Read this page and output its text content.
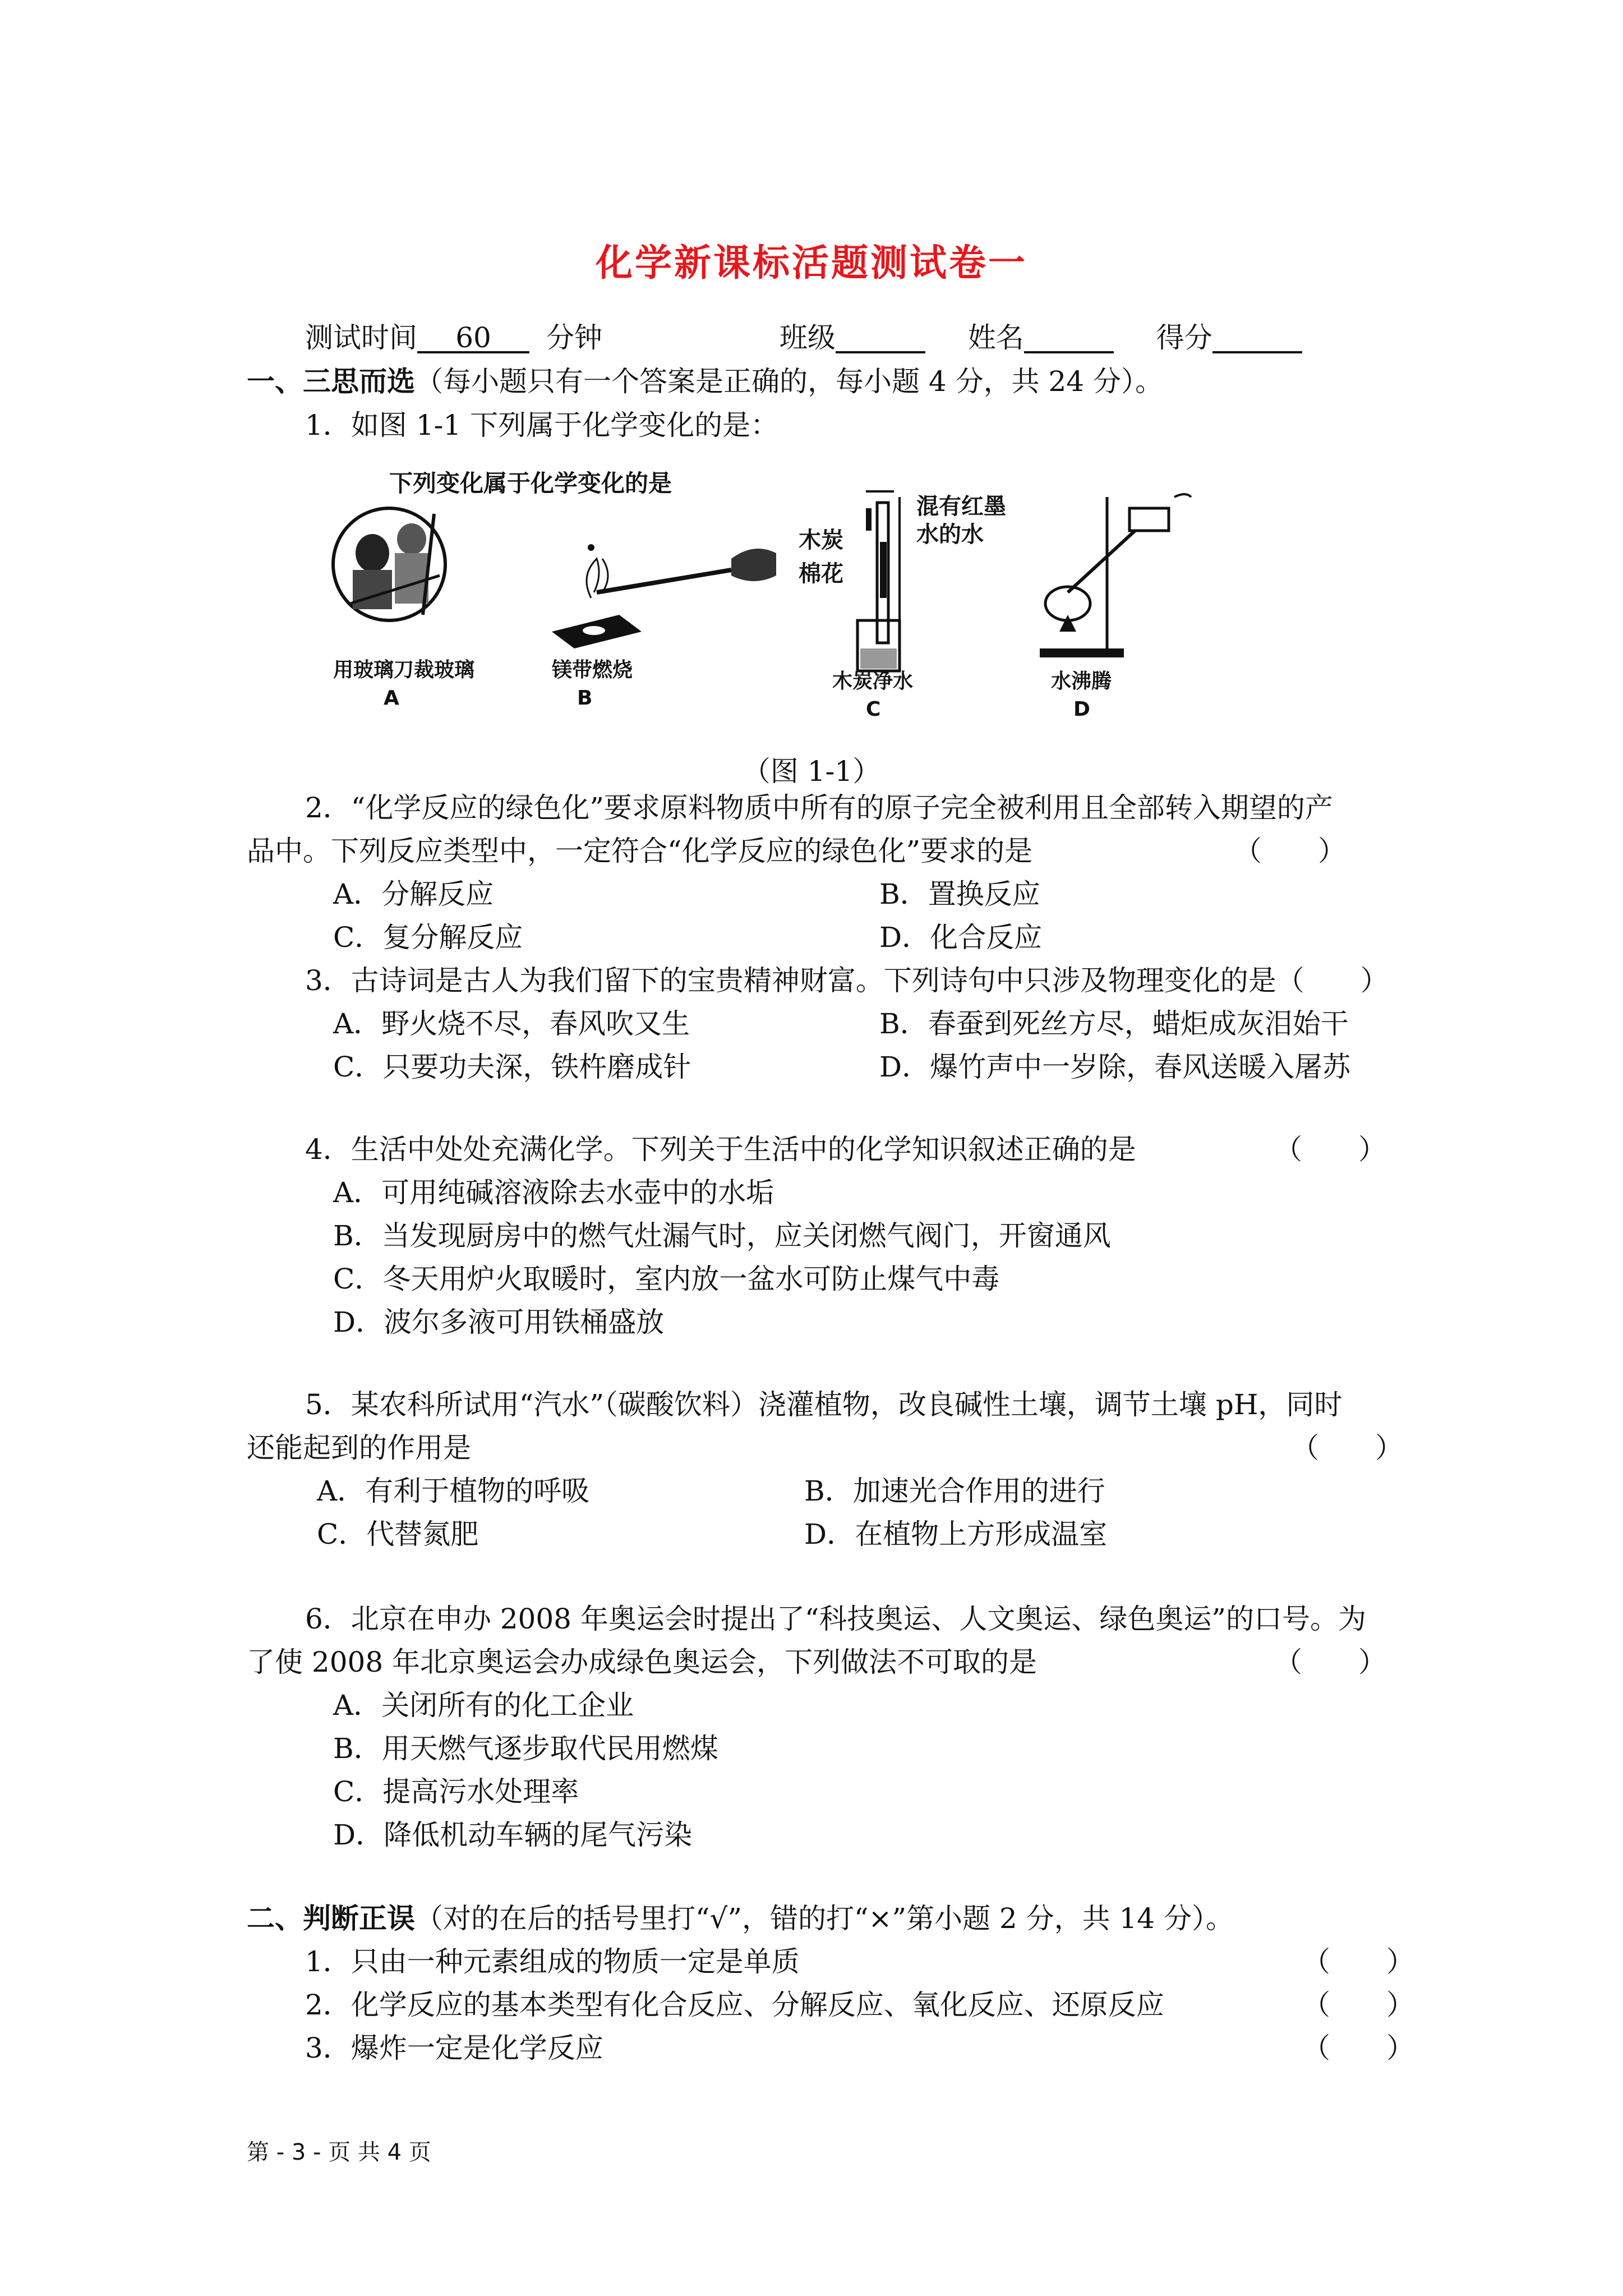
化学新课标活题测试卷一
测试时间 60 分钟	班级	姓名	得分
一、三思而选（每小题只有一个答案是正确的，每小题 4 分，共 24 分）。
1．如图 1-1 下列属于化学变化的是：
下列变化属于化学变化的是
木炭
棉花
混有红墨
水的水
用玻璃刀裁玻璃
A
镁带燃烧
B
木炭净水
C
水沸腾
D
（图 1-1）
2．“化学反应的绿色化”要求原料物质中所有的原子完全被利用且全部转入期望的产
品中。下列反应类型中，一定符合“化学反应的绿色化”要求的是	（　　）
A．分解反应	B．置换反应
C．复分解反应	D．化合反应
3．古诗词是古人为我们留下的宝贵精神财富。下列诗句中只涉及物理变化的是（　　）
A．野火烧不尽，春风吹又生	B．春蚕到死丝方尽，蜡炬成灰泪始干
C．只要功夫深，铁杵磨成针	D．爆竹声中一岁除，春风送暖入屠苏
4．生活中处处充满化学。下列关于生活中的化学知识叙述正确的是	（　　）
A．可用纯碱溶液除去水壶中的水垢
B．当发现厨房中的燃气灶漏气时，应关闭燃气阀门，开窗通风
C．冬天用炉火取暖时，室内放一盆水可防止煤气中毒
D．波尔多液可用铁桶盛放
5．某农科所试用“汽水”（碳酸饮料）浇灌植物，改良碱性土壤，调节土壤 pH，同时
还能起到的作用是	（　　）
A．有利于植物的呼吸	B．加速光合作用的进行
C．代替氮肥	D．在植物上方形成温室
6．北京在申办 2008 年奥运会时提出了“科技奥运、人文奥运、绿色奥运”的口号。为
了使 2008 年北京奥运会办成绿色奥运会，下列做法不可取的是	（　　）
A．关闭所有的化工企业
B．用天燃气逐步取代民用燃煤
C．提高污水处理率
D．降低机动车辆的尾气污染
二、判断正误（对的在后的括号里打“√”，错的打“×”第小题 2 分，共 14 分）。
1．只由一种元素组成的物质一定是单质	（　　）
2．化学反应的基本类型有化合反应、分解反应、氧化反应、还原反应	（　　）
3．爆炸一定是化学反应	（　　）
第 - 3 - 页 共 4 页
